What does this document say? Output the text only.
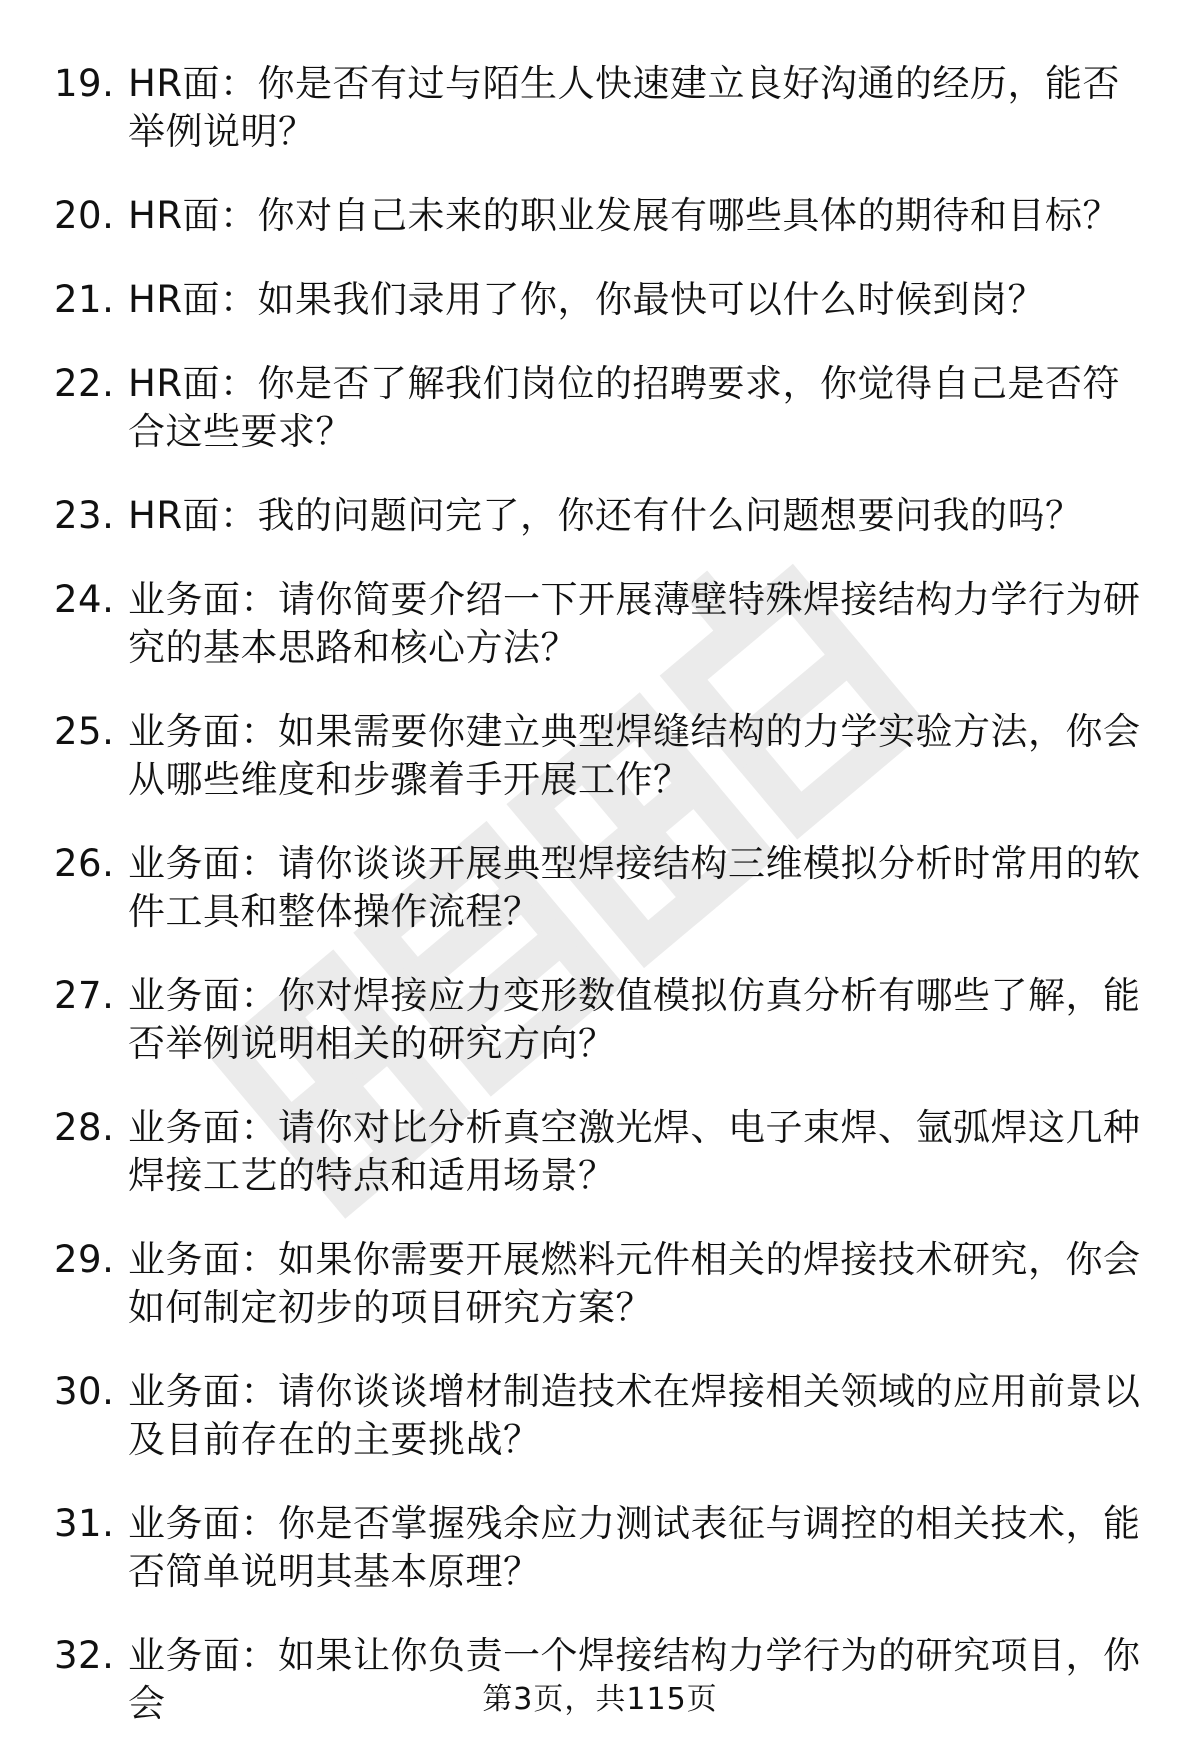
19. HR面：你是否有过与陌生人快速建立良好沟通的经历，能否举例说明？
20. HR面：你对自己未来的职业发展有哪些具体的期待和目标？
21. HR面：如果我们录用了你，你最快可以什么时候到岗？
22. HR面：你是否了解我们岗位的招聘要求，你觉得自己是否符合这些要求？
23. HR面：我的问题问完了，你还有什么问题想要问我的吗？
24. 业务面：请你简要介绍一下开展薄壁特殊焊接结构力学行为研究的基本思路和核心方法？
25. 业务面：如果需要你建立典型焊缝结构的力学实验方法，你会从哪些维度和步骤着手开展工作？
26. 业务面：请你谈谈开展典型焊接结构三维模拟分析时常用的软件工具和整体操作流程？
27. 业务面：你对焊接应力变形数值模拟仿真分析有哪些了解，能否举例说明相关的研究方向？
28. 业务面：请你对比分析真空激光焊、电子束焊、氩弧焊这几种焊接工艺的特点和适用场景？
29. 业务面：如果你需要开展燃料元件相关的焊接技术研究，你会如何制定初步的项目研究方案？
30. 业务面：请你谈谈增材制造技术在焊接相关领域的应用前景以及目前存在的主要挑战？
31. 业务面：你是否掌握残余应力测试表征与调控的相关技术，能否简单说明其基本原理？
32. 业务面：如果让你负责一个焊接结构力学行为的研究项目，你会	第3页，共115页
